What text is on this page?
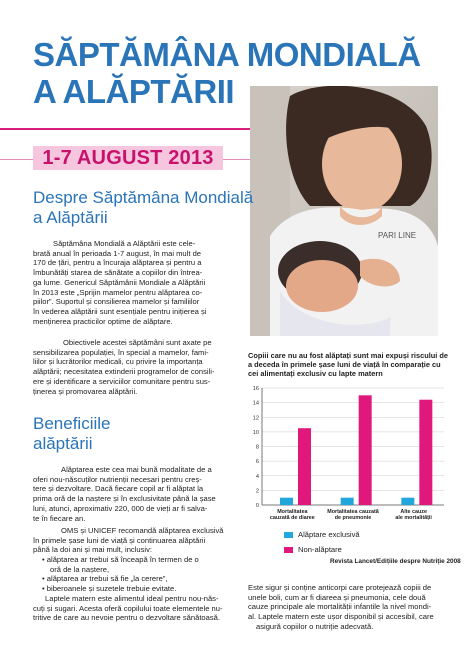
SĂPTĂMÂNA MONDIALĂ
A ALĂPTĂRII
1-7 AUGUST 2013
PARI LINE
Despre Săptămâna Mondială
a Alăptării
Săptămâna Mondială a Alăptării este cele-
brată anual în perioada 1-7 august, în mai mult de
170 de țări, pentru a încuraja alăptarea și pentru a
îmbunătăți starea de sănătate a copiilor din întrea-
ga lume. Genericul Săptămânii Mondiale a Alăptării
în 2013 este „Sprijin mamelor pentru alăptarea co-
piilor”. Suportul și consilierea mamelor și familiilor
în vederea alăptării sunt esențiale pentru inițierea și
menținerea practicilor optime de alăptare.
Obiectivele acestei săptămâni sunt axate pe
sensibilizarea populației, în special a mamelor, fami-
liilor și lucrătorilor medicali, cu privire la importanța
alăptării; necesitatea extinderii programelor de consili-
ere și identificare a serviciilor comunitare pentru sus-
ținerea și promovarea alăptării.
Beneficiile
alăptării
Alăptarea este cea mai bună modalitate de a
oferi nou-născuților nutrienții necesari pentru creș-
tere și dezvoltare. Dacă fiecare copil ar fi alăptat la
prima oră de la naștere și în exclusivitate până la șase
luni, atunci, aproximativ 220, 000 de vieți ar fi salva-
te în fiecare an.
OMS și UNICEF recomandă alăptarea exclusivă
în primele șase luni de viață și continuarea alăptării
până la doi ani și mai mult, inclusiv:
• alăptarea ar trebui să înceapă în termen de o
oră de la naștere,
• alăptarea ar trebui să fie „la cerere”,
• biberoanele și suzetele trebuie evitate.
Laptele matern este alimentul ideal pentru nou-năs-
cuți și sugari. Acesta oferă copilului toate elementele nu-
tritive de care au nevoie pentru o dezvoltare sănătoasă.
Copiii care nu au fost alăptați sunt mai expuși riscului de a deceda în primele șase luni de viață în comparație cu cei alimentați exclusiv cu lapte matern
0
2
4
6
8
10
12
14
16
Mortalitatea
cauzată de diaree
Mortalitatea cauzată
de pneumonie
Alte cauze
ale mortalității
Alăptare exclusivă
Non-alăptare
Revista Lancet/Edițiile despre Nutriție 2008
Este sigur și conține anticorpi care protejează copiii de
unele boli, cum ar fi diareea și pneumonia, cele două
cauze principale ale mortalității infantile la nivel mondi-
al. Laptele matern este ușor disponibil și accesibil, care
asigură copiilor o nutriție adecvată.
